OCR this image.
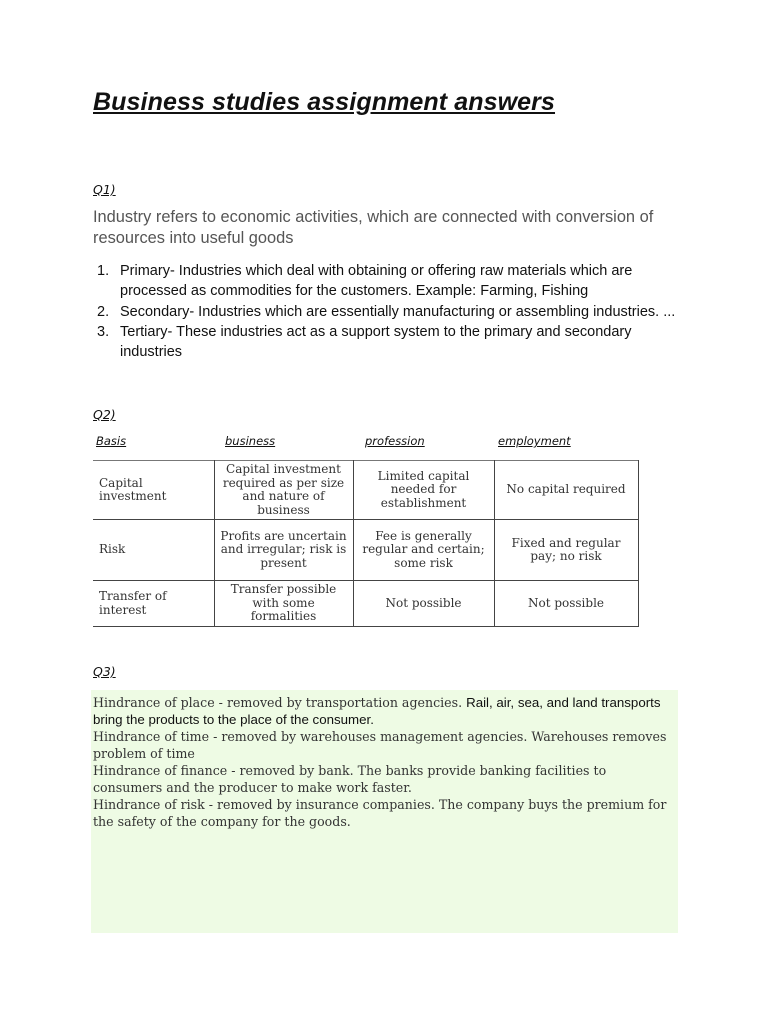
Business studies assignment answers
Q1)

Industry refers to economic activities, which are connected with conversion of resources into useful goods

1. Primary- Industries which deal with obtaining or offering raw materials which are processed as commodities for the customers. Example: Farming, Fishing
2. Secondary- Industries which are essentially manufacturing or assembling industries. ...
3. Tertiary- These industries act as a support system to the primary and secondary industries
Q2)
Basis	business	profession	employment
Capital investment	Capital investment required as per size and nature of business	Limited capital needed for establishment	No capital required
Risk	Profits are uncertain and irregular; risk is present	Fee is generally regular and certain; some risk	Fixed and regular pay; no risk
Transfer of interest	Transfer possible with some formalities	Not possible	Not possible
Q3)

Hindrance of place - removed by transportation agencies. Rail, air, sea, and land transports bring the products to the place of the consumer.

Hindrance of time - removed by warehouses management agencies. Warehouses removes problem of time

Hindrance of finance - removed by bank. The banks provide banking facilities to consumers and the producer to make work faster.

Hindrance of risk - removed by insurance companies. The company buys the premium for the safety of the company for the goods.
